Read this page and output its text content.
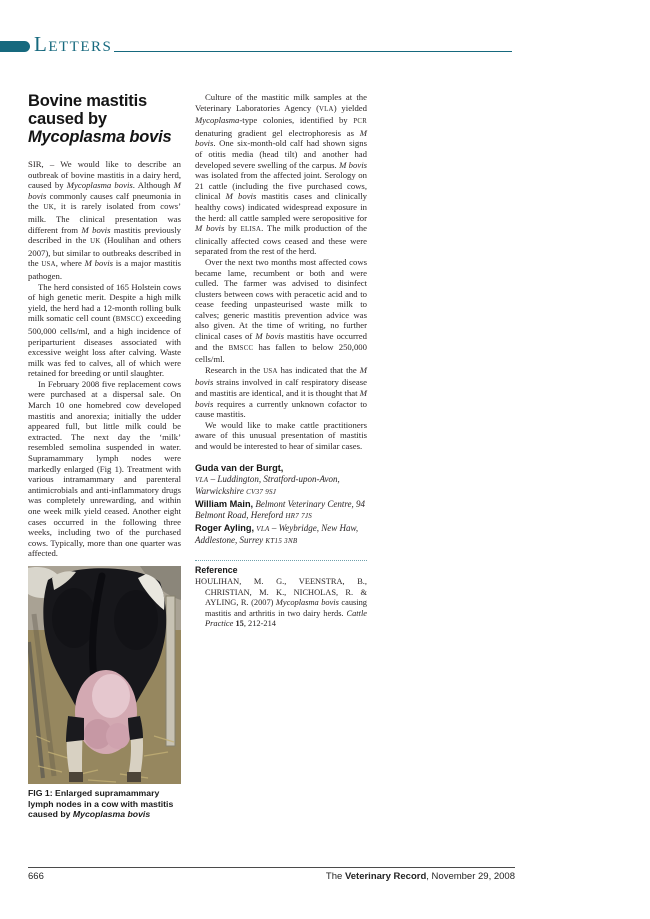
Letters
Bovine mastitis
caused by
Mycoplasma bovis

SIR, – We would like to describe an outbreak of bovine mastitis in a dairy herd, caused by Mycoplasma bovis. Although M bovis commonly causes calf pneumonia in the UK, it is rarely isolated from cows’ milk. The clinical presentation was different from M bovis mastitis previously described in the UK (Houlihan and others 2007), but similar to outbreaks described in the USA, where M bovis is a major mastitis pathogen.

The herd consisted of 165 Holstein cows of high genetic merit. Despite a high milk yield, the herd had a 12-month rolling bulk milk somatic cell count (BMSCC) exceeding 500,000 cells/ml, and a high incidence of periparturient diseases associated with excessive weight loss after calving. Waste milk was fed to calves, all of which were retained for breeding or until slaughter.

In February 2008 five replacement cows were purchased at a dispersal sale. On March 10 one homebred cow developed mastitis and anorexia; initially the udder appeared full, but little milk could be extracted. The next day the ‘milk’ resembled semolina suspended in water. Supramammary lymph nodes were markedly enlarged (Fig 1). Treatment with various intramammary and parenteral antimicrobials and anti-inflammatory drugs was completely unrewarding, and within one week milk yield ceased. Another eight cases occurred in the following three weeks, including two of the purchased cows. Typically, more than one quarter was affected.

FIG 1: Enlarged supramammary lymph nodes in a cow with mastitis caused by Mycoplasma bovis

Culture of the mastitic milk samples at the Veterinary Laboratories Agency (VLA) yielded Mycoplasma-type colonies, identified by PCR denaturing gradient gel electrophoresis as M bovis. One six-month-old calf had shown signs of otitis media (head tilt) and another had developed severe swelling of the carpus. M bovis was isolated from the affected joint. Serology on 21 cattle (including the five purchased cows, clinical M bovis mastitis cases and clinically healthy cows) indicated widespread exposure in the herd: all cattle sampled were seropositive for M bovis by ELISA. The milk production of the clinically affected cows ceased and these were separated from the rest of the herd.

Over the next two months most affected cows became lame, recumbent or both and were culled. The farmer was advised to disinfect clusters between cows with peracetic acid and to cease feeding unpasteurised waste milk to calves; generic mastitis prevention advice was also given. At the time of writing, no further clinical cases of M bovis mastitis have occurred and the BMSCC has fallen to below 250,000 cells/ml.

Research in the USA has indicated that the M bovis strains involved in calf respiratory disease and mastitis are identical, and it is thought that M bovis requires a currently unknown cofactor to cause mastitis.

We would like to make cattle practitioners aware of this unusual presentation of mastitis and would be interested to hear of similar cases.

Guda van der Burgt,
VLA – Luddington, Stratford-upon-Avon, Warwickshire CV37 9SJ

William Main, Belmont Veterinary Centre, 94 Belmont Road, Hereford HR7 7JS

Roger Ayling, VLA – Weybridge, New Haw, Addlestone, Surrey KT15 3NB

Reference

HOULIHAN, M. G., VEENSTRA, B., CHRISTIAN, M. K., NICHOLAS, R. & AYLING, R. (2007) Mycoplasma bovis causing mastitis and arthritis in two dairy herds. Cattle Practice 15, 212-214

666	The Veterinary Record, November 29, 2008
